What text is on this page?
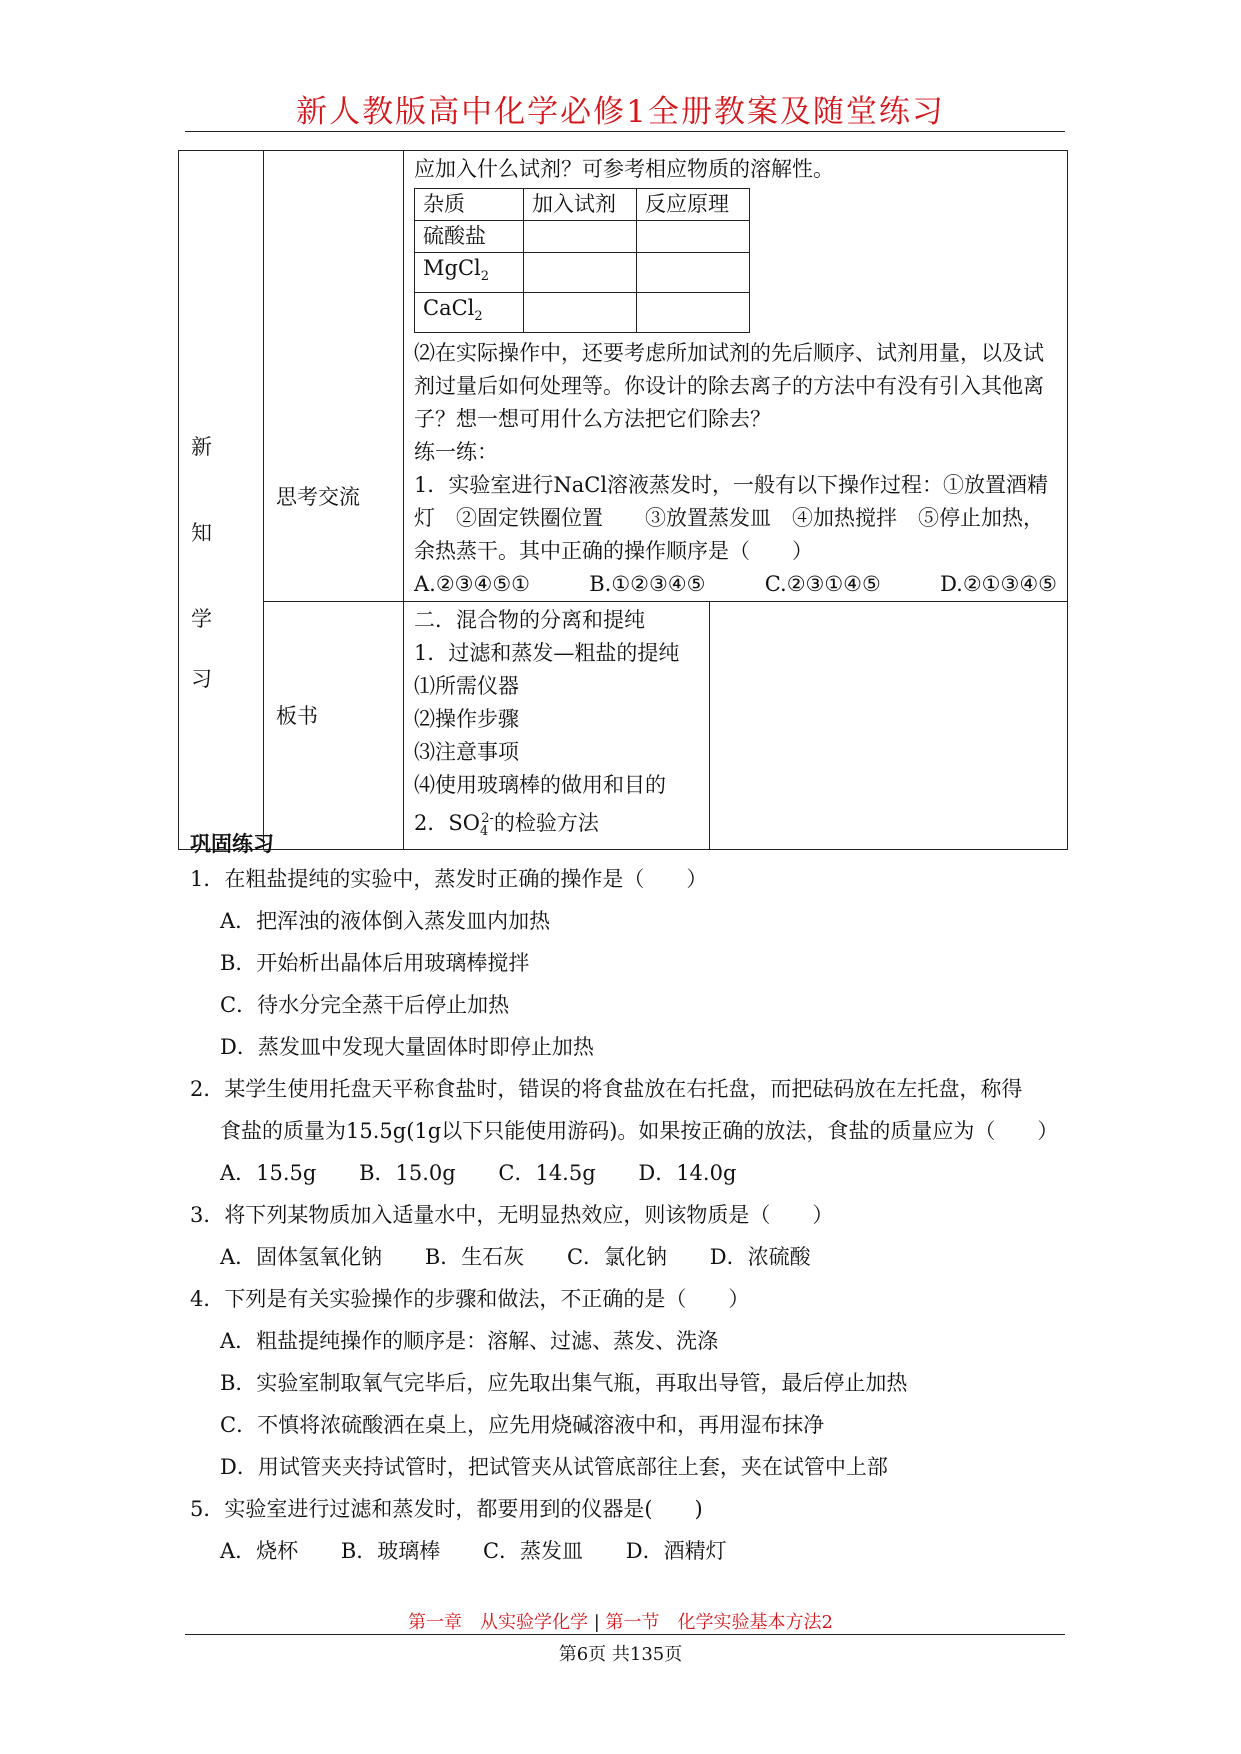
新人教版高中化学必修1全册教案及随堂练习
新
知
学
习

思考交流

应加入什么试剂？可参考相应物质的溶解性。
杂质	加入试剂	反应原理
硫酸盐		
MgCl$_2$		
CaCl$_2$		
⑵在实际操作中，还要考虑所加试剂的先后顺序、试剂用量，以及试剂过量后如何处理等。你设计的除去离子的方法中有没有引入其他离子？想一想可用什么方法把它们除去？
练一练：
1．实验室进行NaCl溶液蒸发时，一般有以下操作过程：①放置酒精灯　②固定铁圈位置　　③放置蒸发皿　④加热搅拌　⑤停止加热，余热蒸干。其中正确的操作顺序是（　　）
A.②③④⑤①	B.①②③④⑤	C.②③①④⑤	D.②①③④⑤

板书

二．混合物的分离和提纯
1．过滤和蒸发—粗盐的提纯
⑴所需仪器
⑵操作步骤
⑶注意事项
⑷使用玻璃棒的做用和目的
2．$SO_4^{2-}$的检验方法
巩固练习

1．在粗盐提纯的实验中，蒸发时正确的操作是（　　）

A．把浑浊的液体倒入蒸发皿内加热

B．开始析出晶体后用玻璃棒搅拌

C．待水分完全蒸干后停止加热

D．蒸发皿中发现大量固体时即停止加热

2．某学生使用托盘天平称食盐时，错误的将食盐放在右托盘，而把砝码放在左托盘，称得

食盐的质量为15.5g(1g以下只能使用游码)。如果按正确的放法，食盐的质量应为（　　）

A．15.5g B．15.0g C．14.5g D．14.0g

3．将下列某物质加入适量水中，无明显热效应，则该物质是（　　）

A．固体氢氧化钠 B．生石灰 C．氯化钠 D．浓硫酸

4．下列是有关实验操作的步骤和做法，不正确的是（　　）

A．粗盐提纯操作的顺序是：溶解、过滤、蒸发、洗涤

B．实验室制取氧气完毕后，应先取出集气瓶，再取出导管，最后停止加热

C．不慎将浓硫酸洒在桌上，应先用烧碱溶液中和，再用湿布抹净

D．用试管夹夹持试管时，把试管夹从试管底部往上套，夹在试管中上部

5．实验室进行过滤和蒸发时，都要用到的仪器是(　　)

A．烧杯 B．玻璃棒 C．蒸发皿 D．酒精灯

第一章　从实验学化学 | 第一节　化学实验基本方法2
第6页 共135页
